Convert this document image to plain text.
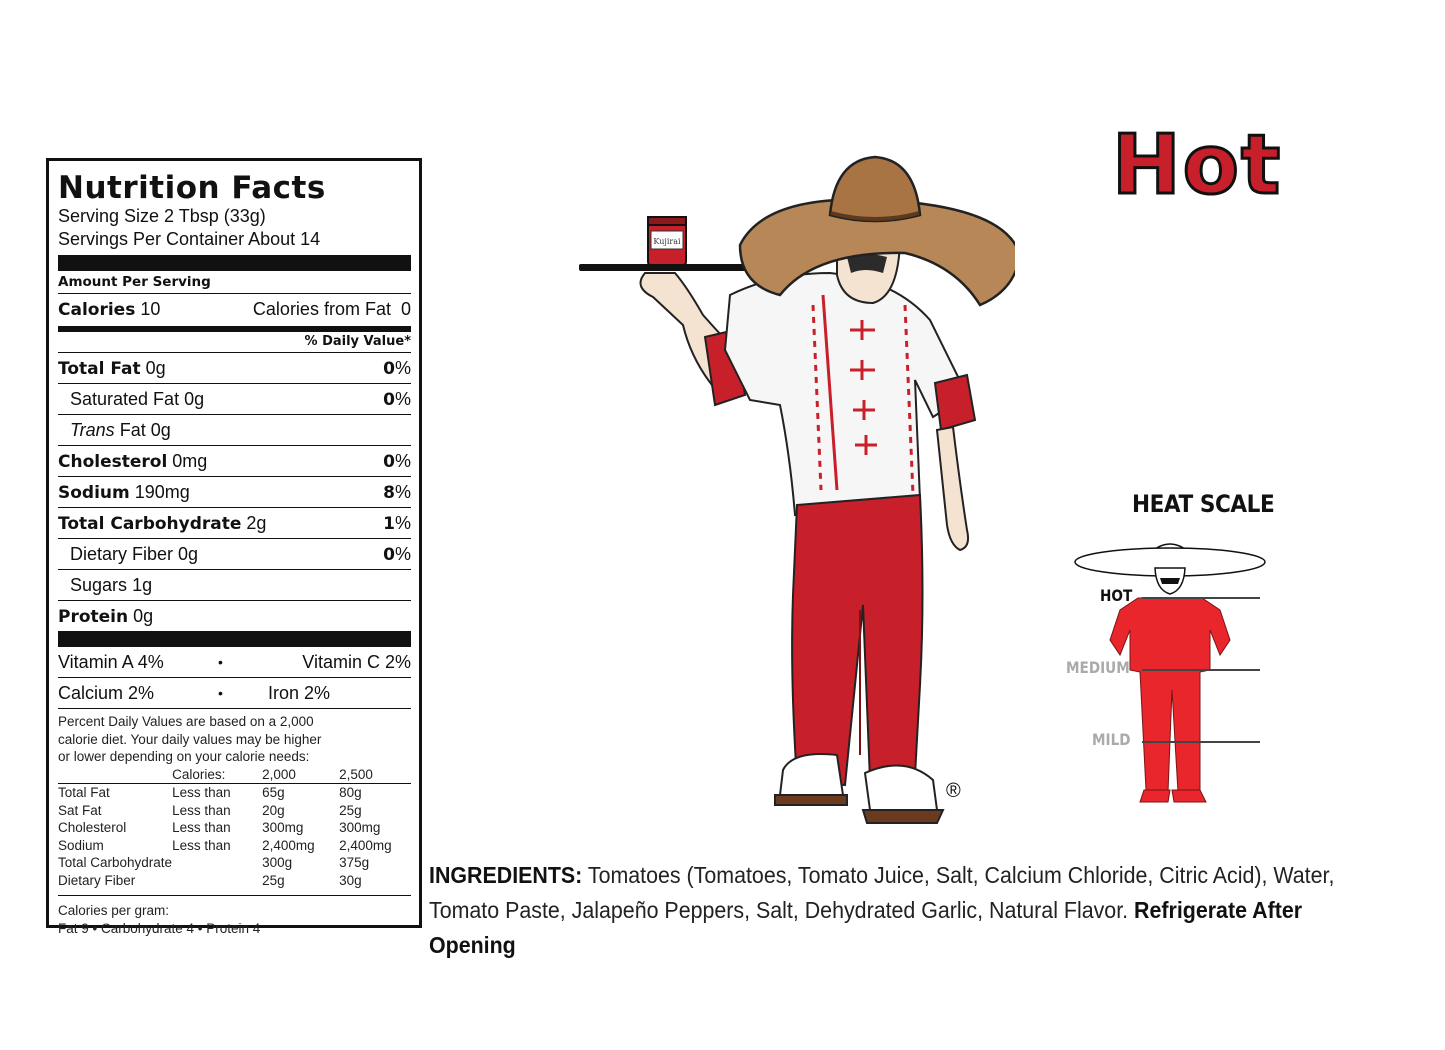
Nutrition Facts
Serving Size 2 Tbsp (33g)
Servings Per Container About 14
Amount Per Serving
Calories 10	Calories from Fat 0
% Daily Value*
Total Fat 0g	0%
Saturated Fat 0g	0%
Trans Fat 0g
Cholesterol 0mg	0%
Sodium 190mg	8%
Total Carbohydrate 2g	1%
Dietary Fiber 0g	0%
Sugars 1g
Protein 0g
Vitamin A 4%	•	Vitamin C 2%
Calcium 2%	•	Iron 2%
Percent Daily Values are based on a 2,000
calorie diet. Your daily values may be higher
or lower depending on your calorie needs:
	Calories:	2,000	2,500
Total Fat	Less than	65g	80g
Sat Fat	Less than	20g	25g
Cholesterol	Less than	300mg	300mg
Sodium	Less than	2,400mg	2,400mg
Total Carbohydrate		300g	375g
Dietary Fiber		25g	30g
Calories per gram:
Fat 9 • Carbohydrate 4 • Protein 4
Hot
Kujirai
®
HEAT SCALE
HOT
MEDIUM
MILD
INGREDIENTS: Tomatoes (Tomatoes, Tomato Juice, Salt, Calcium Chloride, Citric Acid), Water, Tomato Paste, Jalapeño Peppers, Salt, Dehydrated Garlic, Natural Flavor. Refrigerate After Opening
